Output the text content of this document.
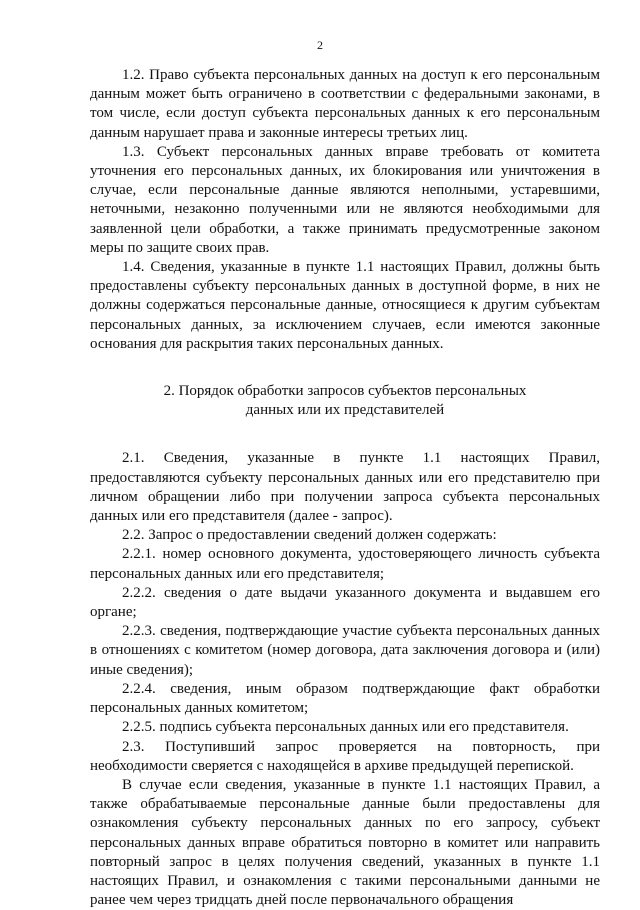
2

1.2. Право субъекта персональных данных на доступ к его персональным данным может быть ограничено в соответствии с федеральными законами, в том числе, если доступ субъекта персональных данных к его персональным данным нарушает права и законные интересы третьих лиц.

1.3. Субъект персональных данных вправе требовать от комитета уточнения его персональных данных, их блокирования или уничтожения в случае, если персональные данные являются неполными, устаревшими, неточными, незаконно полученными или не являются необходимыми для заявленной цели обработки, а также принимать предусмотренные законом меры по защите своих прав.

1.4. Сведения, указанные в пункте 1.1 настоящих Правил, должны быть предоставлены субъекту персональных данных в доступной форме, в них не должны содержаться персональные данные, относящиеся к другим субъектам персональных данных, за исключением случаев, если имеются законные основания для раскрытия таких персональных данных.

2. Порядок обработки запросов субъектов персональных
данных или их представителей

2.1. Сведения, указанные в пункте 1.1 настоящих Правил, предоставляются субъекту персональных данных или его представителю при личном обращении либо при получении запроса субъекта персональных данных или его представителя (далее - запрос).

2.2. Запрос о предоставлении сведений должен содержать:

2.2.1. номер основного документа, удостоверяющего личность субъекта персональных данных или его представителя;

2.2.2. сведения о дате выдачи указанного документа и выдавшем его органе;

2.2.3. сведения, подтверждающие участие субъекта персональных данных в отношениях с комитетом (номер договора, дата заключения договора и (или) иные сведения);

2.2.4. сведения, иным образом подтверждающие факт обработки персональных данных комитетом;

2.2.5. подпись субъекта персональных данных или его представителя.

2.3. Поступивший запрос проверяется на повторность, при необходимости сверяется с находящейся в архиве предыдущей перепиской.

В случае если сведения, указанные в пункте 1.1 настоящих Правил, а также обрабатываемые персональные данные были предоставлены для ознакомления субъекту персональных данных по его запросу, субъект персональных данных вправе обратиться повторно в комитет или направить повторный запрос в целях получения сведений, указанных в пункте 1.1 настоящих Правил, и ознакомления с такими персональными данными не ранее чем через тридцать дней после первоначального обращения
